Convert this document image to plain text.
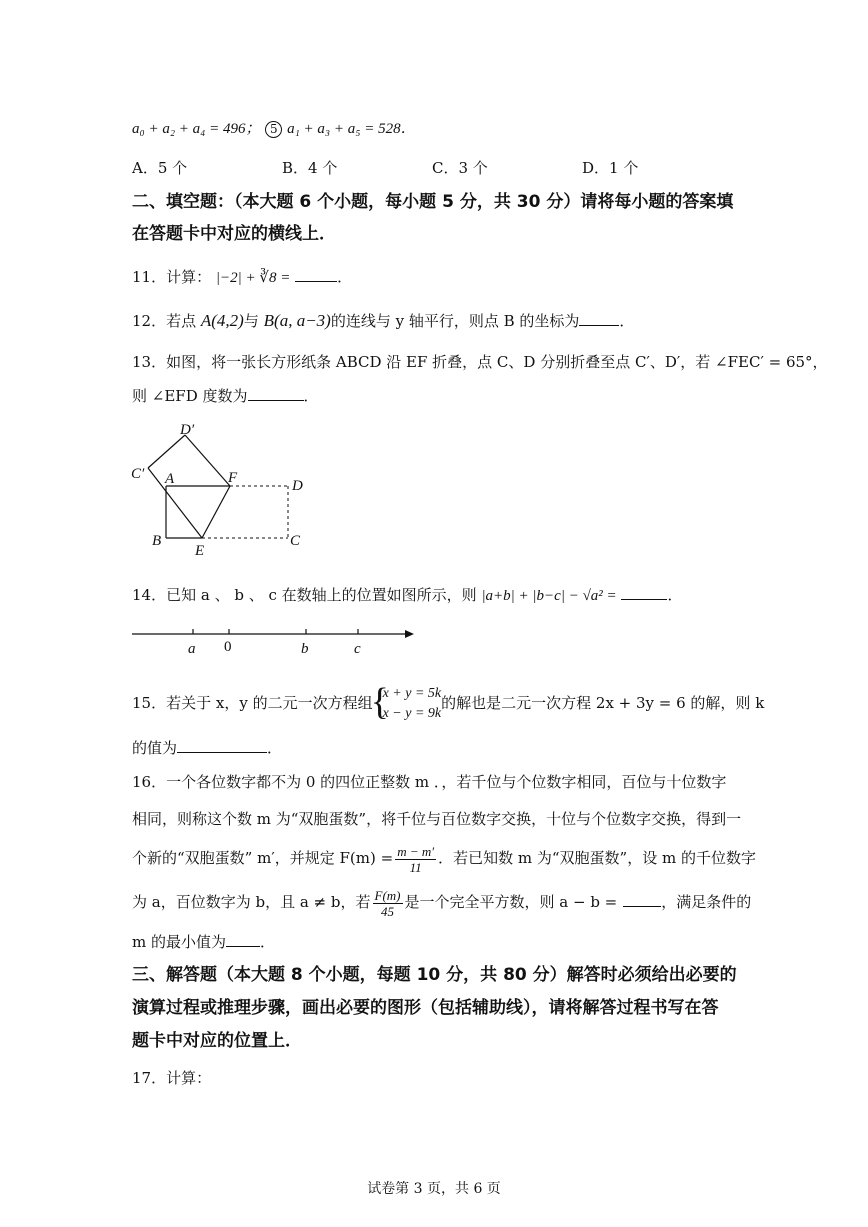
a₀ + a₂ + a₄ = 496； 5 a₁ + a₃ + a₅ = 528．
A．5 个	B．4 个	C．3 个	D．1 个
二、填空题：（本大题 6 个小题，每小题 5 分，共 30 分）请将每小题的答案填
在答题卡中对应的横线上．
11．计算： |−2| + ∛8 =	．
12．若点 A(4,2)与 B(a, a−3)的连线与 y 轴平行，则点 B 的坐标为	．
13．如图，将一张长方形纸条 ABCD 沿 EF 折叠，点 C、D 分别折叠至点 C′、D′，若 ∠FEC′ = 65°，
则 ∠EFD 度数为	．
D′
C′ A	F	D
B
E
C
14．已知 a 、 b 、 c 在数轴上的位置如图所示，则 |a+b| + |b−c| − √a² =	．
a 0	b	c
15．若关于 x，y 的二元一次方程组
{ x + y = 5k
x − y = 9k
的解也是二元一次方程 2x + 3y = 6 的解，则 k
的值为	．
16．一个各位数字都不为 0 的四位正整数 m ．，若千位与个位数字相同，百位与十位数字
相同，则称这个数 m 为“双胞蛋数”，将千位与百位数字交换，十位与个位数字交换，得到一
个新的“双胞蛋数” m′，并规定 $F(m) = \frac{m - m'}{11}$ ．若已知数 m 为“双胞蛋数”，设 m 的千位数字
为 a，百位数字为 b，且 a ≠ b，若 $\frac{F(m)}{45}$ 是一个完全平方数，则 a − b =	，满足条件的
m 的最小值为 ．
三、解答题（本大题 8 个小题，每题 10 分，共 80 分）解答时必须给出必要的
演算过程或推理步骤，画出必要的图形（包括辅助线），请将解答过程书写在答
题卡中对应的位置上．
17．计算：
试卷第 3 页，共 6 页
